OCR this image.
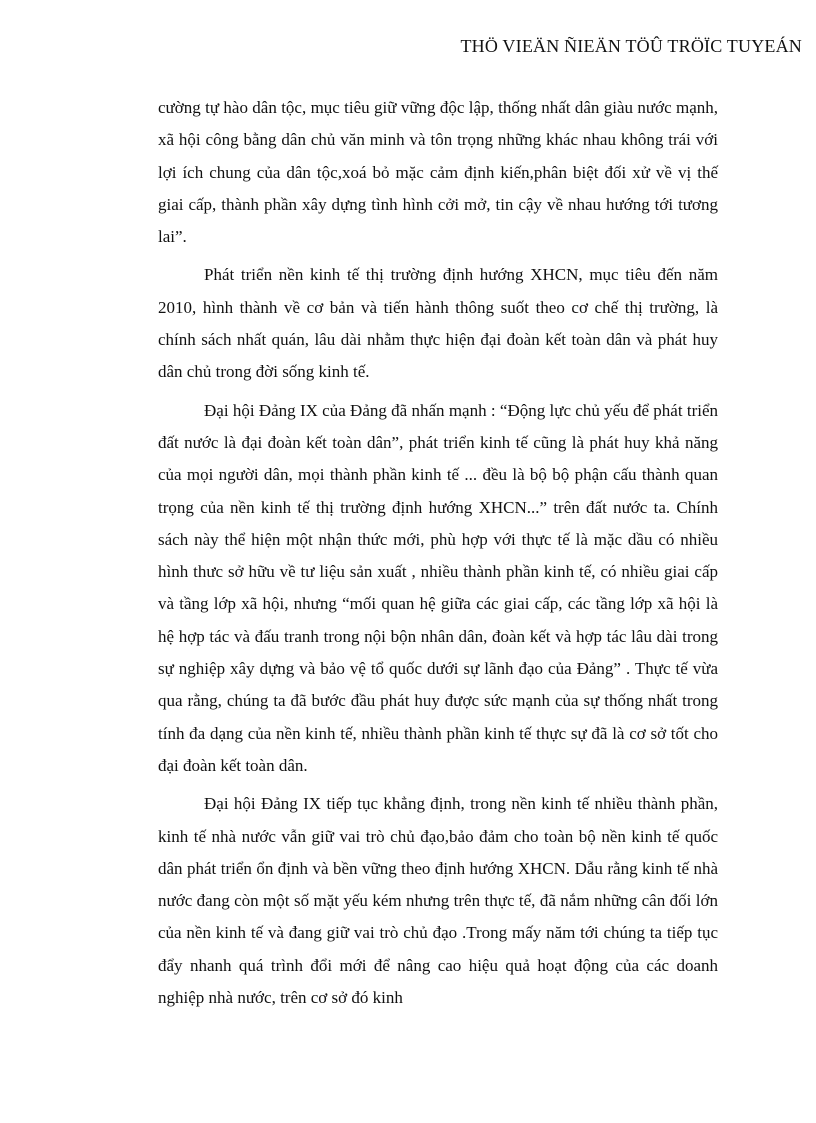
THÖ VIEÄN ÑIEÄN TÖÛ TRÖÏC TUYEÁN

cường tự hào dân tộc, mục tiêu giữ vững độc lập, thống nhất dân giàu nước mạnh, xã hội công bằng dân chủ văn minh và tôn trọng những khác nhau không trái với lợi ích chung của dân tộc,xoá bỏ mặc cảm định kiến,phân biệt đối xử về vị thế giai cấp, thành phần xây dựng tình hình cởi mở, tin cậy về nhau hướng tới tương lai”.

Phát triển nền kinh tế thị trường định hướng XHCN, mục tiêu đến năm 2010, hình thành về cơ bản và tiến hành thông suốt theo cơ chế thị trường, là chính sách nhất quán, lâu dài nhằm thực hiện đại đoàn kết toàn dân và phát huy dân chủ trong đời sống kinh tế.

Đại hội Đảng IX của Đảng đã nhấn mạnh : “Động lực chủ yếu để phát triển đất nước là đại đoàn kết toàn dân”, phát triển kinh tế cũng là phát huy khả năng của mọi người dân, mọi thành phần kinh tế ... đều là bộ bộ phận cấu thành quan trọng của nền kinh tế thị trường định hướng XHCN...” trên đất nước ta. Chính sách này thể hiện một nhận thức mới, phù hợp với thực tế là mặc dầu có nhiều hình thưc sở hữu về tư liệu sản xuất , nhiều thành phần kinh tế, có nhiều giai cấp và tầng lớp xã hội, nhưng “mối quan hệ giữa các giai cấp, các tầng lớp xã hội là hệ hợp tác và đấu tranh trong nội bộn nhân dân, đoàn kết và hợp tác lâu dài trong sự nghiệp xây dựng và bảo vệ tổ quốc dưới sự lãnh đạo của Đảng” . Thực tế vừa qua rằng, chúng ta đã bước đầu phát huy được sức mạnh của sự thống nhất trong tính đa dạng của nền kinh tế, nhiều thành phần kinh tế thực sự đã là cơ sở tốt cho đại đoàn kết toàn dân.

Đại hội Đảng IX tiếp tục khẳng định, trong nền kinh tế nhiều thành phần, kinh tế nhà nước vẫn giữ vai trò chủ đạo,bảo đảm cho toàn bộ nền kinh tế quốc dân phát triển ổn định và bền vững theo định hướng XHCN. Dẫu rằng kinh tế nhà nước đang còn một số mặt yếu kém nhưng trên thực tế, đã nắm những cân đối lớn của nền kinh tế và đang giữ vai trò chủ đạo .Trong mấy năm tới chúng ta tiếp tục đẩy nhanh quá trình đổi mới để nâng cao hiệu quả hoạt động của các doanh nghiệp nhà nước, trên cơ sở đó kinh
